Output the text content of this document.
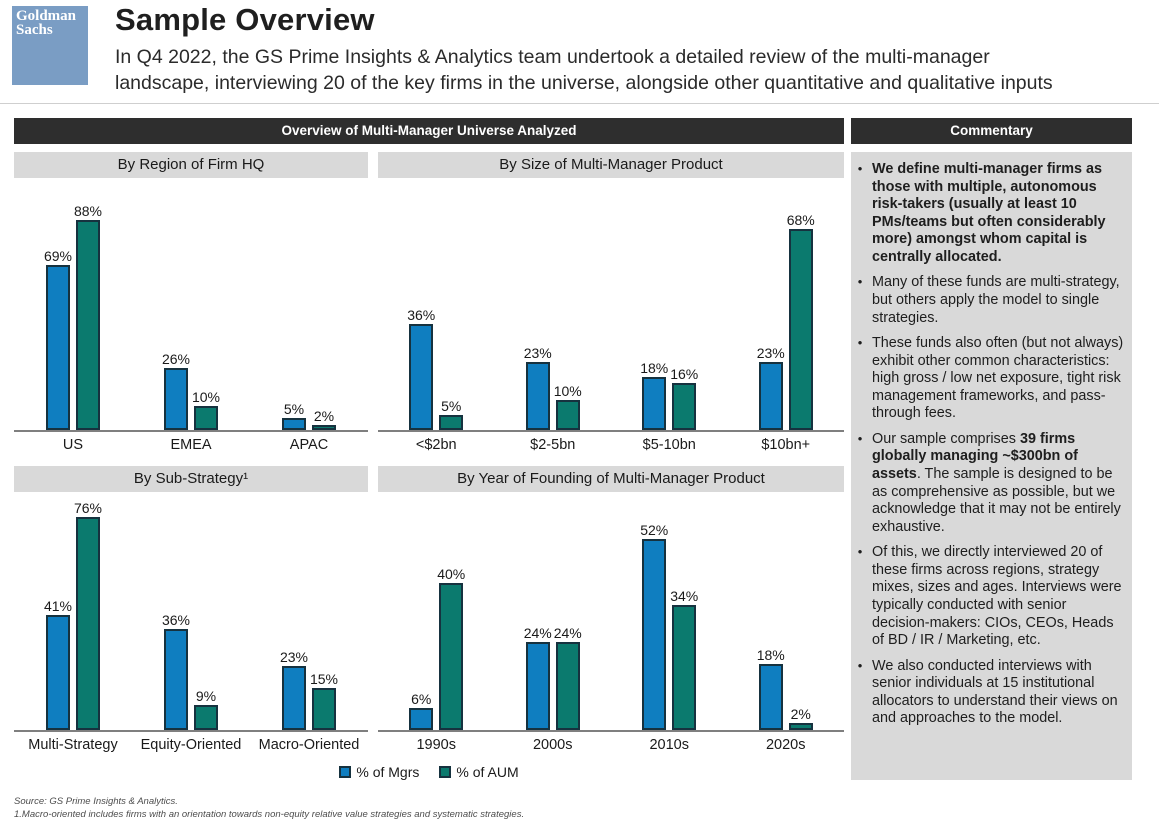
Goldman
Sachs	Sample Overview
In Q4 2022, the GS Prime Insights & Analytics team undertook a detailed review of the multi-manager
landscape, interviewing 20 of the key firms in the universe, alongside other quantitative and qualitative inputs
Overview of Multi-Manager Universe Analyzed	Commentary
By Region of Firm HQ
69%
88%
26%
10%
5% 2%
US	EMEA	APAC
By Size of Multi-Manager Product
36%
5%
23%
10%
18% 16%
23%
68%
<$2bn	$2-5bn	$5-10bn	$10bn+
By Sub-Strategy¹
41%
76%
36%
9%
23%
15%
Multi-Strategy	Equity-Oriented	Macro-Oriented
By Year of Founding of Multi-Manager Product
6%
40%
24% 24%
52%
34%
18%
2%
1990s	2000s	2010s	2020s
% of Mgrs	% of AUM
• We define multi-manager firms as those with multiple, autonomous risk-takers (usually at least 10 PMs/teams but often considerably more) amongst whom capital is centrally allocated.
• Many of these funds are multi-strategy, but others apply the model to single strategies.
• These funds also often (but not always) exhibit other common characteristics: high gross / low net exposure, tight risk management frameworks, and pass-through fees.
• Our sample comprises 39 firms globally managing ~$300bn of assets. The sample is designed to be as comprehensive as possible, but we acknowledge that it may not be entirely exhaustive.
• Of this, we directly interviewed 20 of these firms across regions, strategy mixes, sizes and ages. Interviews were typically conducted with senior decision-makers: CIOs, CEOs, Heads of BD / IR / Marketing, etc.
• We also conducted interviews with senior individuals at 15 institutional allocators to understand their views on and approaches to the model.
Source: GS Prime Insights & Analytics.
1.Macro-oriented includes firms with an orientation towards non-equity relative value strategies and systematic strategies.
